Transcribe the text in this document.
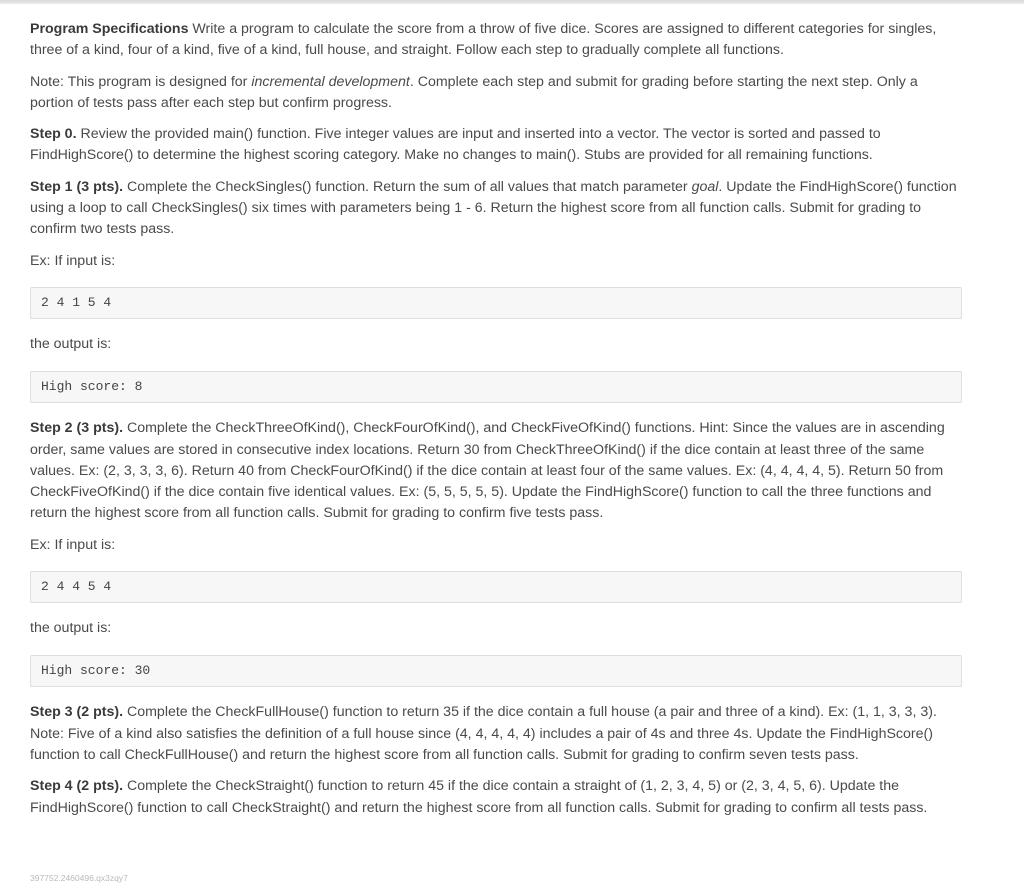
Program Specifications Write a program to calculate the score from a throw of five dice. Scores are assigned to different categories for singles, three of a kind, four of a kind, five of a kind, full house, and straight. Follow each step to gradually complete all functions.

Note: This program is designed for incremental development. Complete each step and submit for grading before starting the next step. Only a portion of tests pass after each step but confirm progress.

Step 0. Review the provided main() function. Five integer values are input and inserted into a vector. The vector is sorted and passed to FindHighScore() to determine the highest scoring category. Make no changes to main(). Stubs are provided for all remaining functions.

Step 1 (3 pts). Complete the CheckSingles() function. Return the sum of all values that match parameter goal. Update the FindHighScore() function using a loop to call CheckSingles() six times with parameters being 1 - 6. Return the highest score from all function calls. Submit for grading to confirm two tests pass.

Ex: If input is:

2 4 1 5 4

the output is:

High score: 8

Step 2 (3 pts). Complete the CheckThreeOfKind(), CheckFourOfKind(), and CheckFiveOfKind() functions. Hint: Since the values are in ascending order, same values are stored in consecutive index locations. Return 30 from CheckThreeOfKind() if the dice contain at least three of the same values. Ex: (2, 3, 3, 3, 6). Return 40 from CheckFourOfKind() if the dice contain at least four of the same values. Ex: (4, 4, 4, 4, 5). Return 50 from CheckFiveOfKind() if the dice contain five identical values. Ex: (5, 5, 5, 5, 5). Update the FindHighScore() function to call the three functions and return the highest score from all function calls. Submit for grading to confirm five tests pass.

Ex: If input is:

2 4 4 5 4

the output is:

High score: 30

Step 3 (2 pts). Complete the CheckFullHouse() function to return 35 if the dice contain a full house (a pair and three of a kind). Ex: (1, 1, 3, 3, 3). Note: Five of a kind also satisfies the definition of a full house since (4, 4, 4, 4, 4) includes a pair of 4s and three 4s. Update the FindHighScore() function to call CheckFullHouse() and return the highest score from all function calls. Submit for grading to confirm seven tests pass.

Step 4 (2 pts). Complete the CheckStraight() function to return 45 if the dice contain a straight of (1, 2, 3, 4, 5) or (2, 3, 4, 5, 6). Update the FindHighScore() function to call CheckStraight() and return the highest score from all function calls. Submit for grading to confirm all tests pass.

397752.2460496.qx3zqy7
